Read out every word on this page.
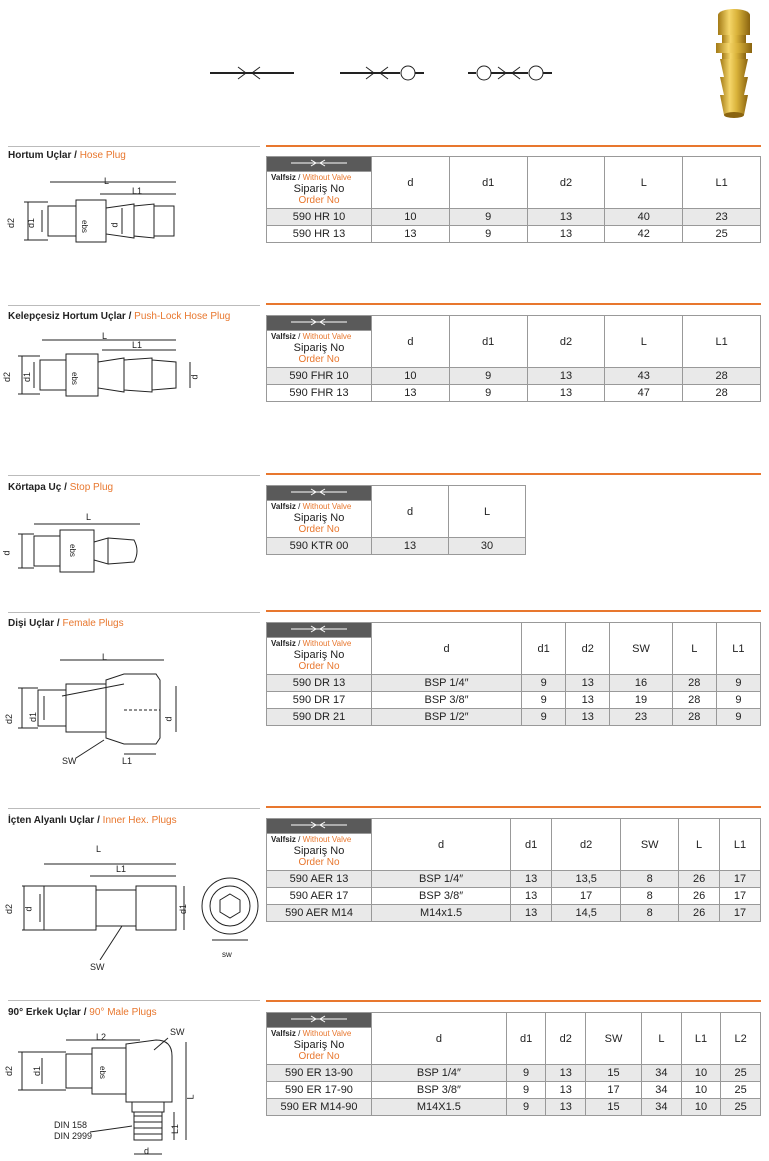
Hortum Uçlar / Hose Plug
ebs
L
L1
d2 d1	d
	d	d1	d2	L	L1
Valfsiz / Without Valve					

Sipariş No
Order No					

590 HR 10	10	9	13	40	23
590 HR 13	13	9	13	42	25
Kelepçesiz Hortum Uçlar / Push-Lock Hose Plug
ebs
L
L1
d2 d1	d
	d	d1	d2	L	L1
Valfsiz / Without Valve					

Sipariş No
Order No					

590 FHR 10	10	9	13	43	28
590 FHR 13	13	9	13	47	28
Körtapa Uç / Stop Plug
ebs
L
d
	d	L
Valfsiz / Without Valve		

Sipariş No
Order No		

590 KTR 00	13	30
Dişi Uçlar / Female Plugs
L
d2 d1	d
SW	L1
	d	d1	d2	SW	L	L1
Valfsiz / Without Valve						

Sipariş No
Order No						

590 DR 13	BSP 1/4″	9	13	16	28	9
590 DR 17	BSP 3/8″	9	13	19	28	9
590 DR 21	BSP 1/2″	9	13	23	28	9
İçten Alyanlı Uçlar / Inner Hex. Plugs
L
L1
d2 d	d1
SW
sw
	d	d1	d2	SW	L	L1
Valfsiz / Without Valve						

Sipariş No
Order No						

590 AER 13	BSP 1/4″	13	13,5	8	26	17
590 AER 17	BSP 3/8″	13	17	8	26	17
590 AER M14	M14x1.5	13	14,5	8	26	17
90° Erkek Uçlar / 90° Male Plugs
ebs
L2	SW
d2 d1
L
L1
DIN 158
DIN 2999
d
	d	d1	d2	SW	L	L1	L2
Valfsiz / Without Valve							

Sipariş No
Order No							

590 ER 13-90	BSP 1/4″	9	13	15	34	10	25
590 ER 17-90	BSP 3/8″	9	13	17	34	10	25
590 ER M14-90	M14X1.5	9	13	15	34	10	25
